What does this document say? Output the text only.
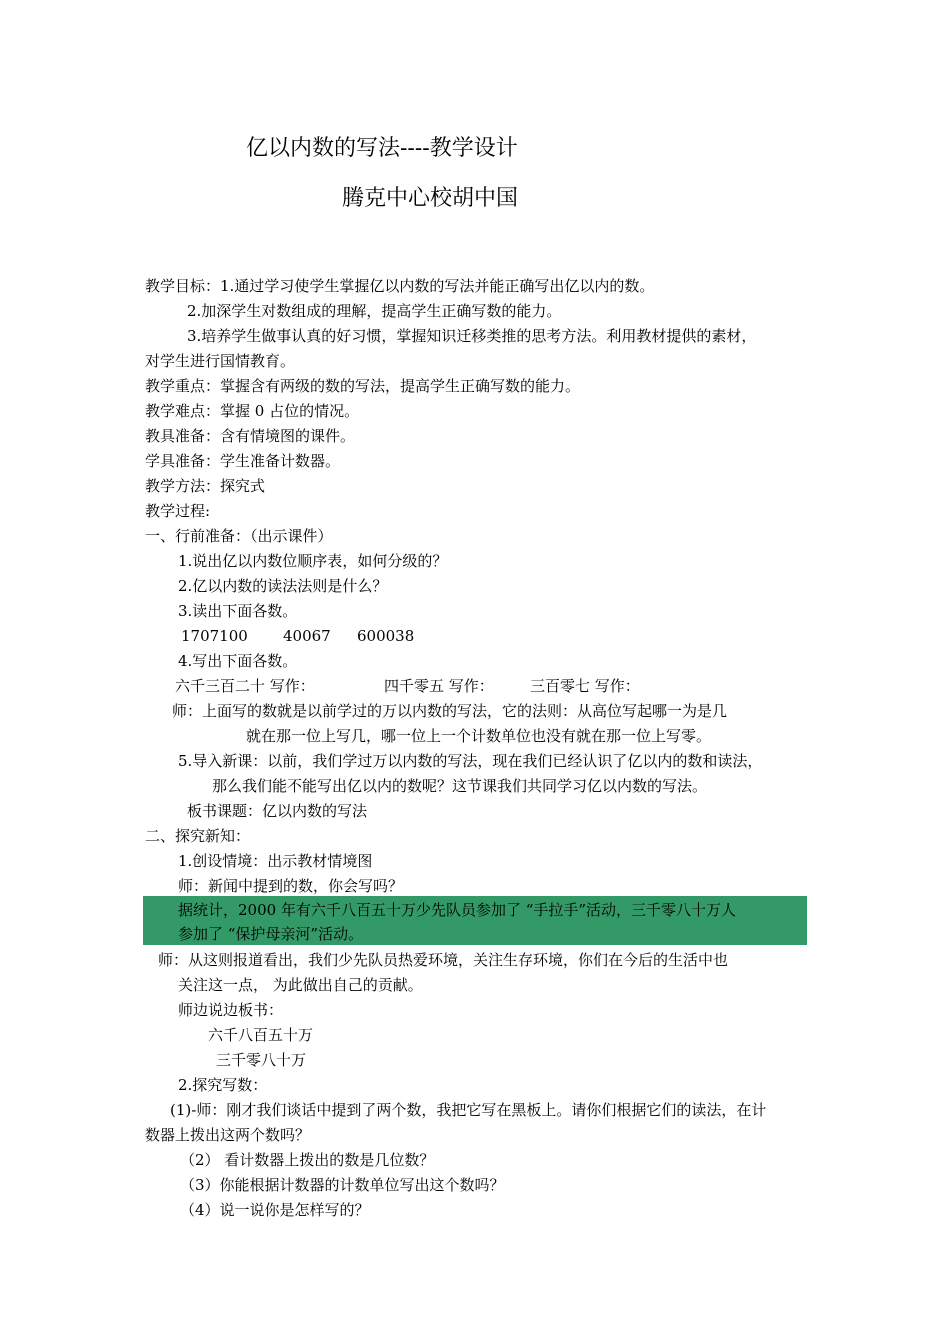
亿以内数的写法----教学设计
腾克中心校胡中国
教学目标：1.通过学习使学生掌握亿以内数的写法并能正确写出亿以内的数。
2.加深学生对数组成的理解，提高学生正确写数的能力。
3.培养学生做事认真的好习惯，掌握知识迁移类推的思考方法。利用教材提供的素材，
对学生进行国情教育。
教学重点：掌握含有两级的数的写法，提高学生正确写数的能力。
教学难点：掌握 0 占位的情况。
教具准备：含有情境图的课件。
学具准备：学生准备计数器。
教学方法：探究式
教学过程:
一、行前准备：（出示课件）
1.说出亿以内数位顺序表，如何分级的？
2.亿以内数的读法法则是什么？
3.读出下面各数。
1707100 40067 600038
4.写出下面各数。
六千三百二十 写作：	四千零五 写作： 三百零七 写作：
师：上面写的数就是以前学过的万以内数的写法，它的法则：从高位写起哪一为是几
就在那一位上写几，哪一位上一个计数单位也没有就在那一位上写零。
5.导入新课：以前，我们学过万以内数的写法，现在我们已经认识了亿以内的数和读法，
那么我们能不能写出亿以内的数呢？这节课我们共同学习亿以内数的写法。
板书课题：亿以内数的写法
二、探究新知：
1.创设情境：出示教材情境图
师：新闻中提到的数，你会写吗？
据统计，2000 年有六千八百五十万少先队员参加了 “手拉手”活动，三千零八十万人
参加了 “保护母亲河”活动。
师：从这则报道看出，我们少先队员热爱环境，关注生存环境，你们在今后的生活中也
关注这一点， 为此做出自己的贡献。
师边说边板书：
六千八百五十万
三千零八十万
2.探究写数：
(1)-师：刚才我们谈话中提到了两个数，我把它写在黑板上。请你们根据它们的读法，在计
数器上拨出这两个数吗？
（2） 看计数器上拨出的数是几位数？
（3）你能根据计数器的计数单位写出这个数吗？
（4）说一说你是怎样写的？
